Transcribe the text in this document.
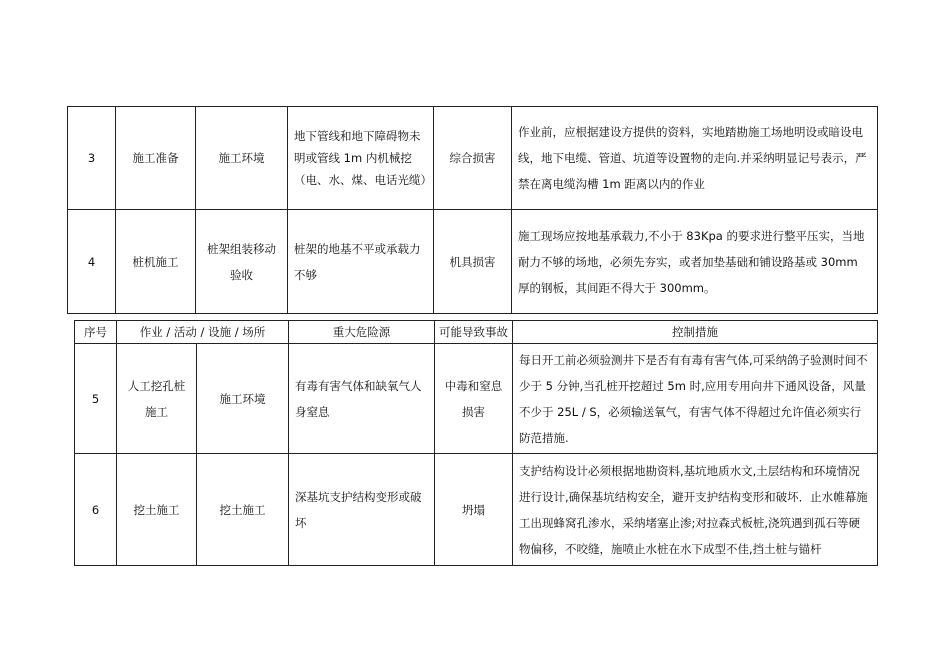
3	施工准备	施工环境	地下管线和地下障碍物未明或管线 1m 内机械挖（电、水、煤、电话光缆）	综合损害	作业前，应根据建设方提供的资料，实地踏勘施工场地明设或暗设电线，地下电缆、管道、坑道等设置物的走向.并采纳明显记号表示，严禁在离电缆沟槽 1m 距离以内的作业
4	桩机施工	桩架组装移动验收	桩架的地基不平或承载力不够	机具损害	施工现场应按地基承载力,不小于 83Kpa 的要求进行整平压实，当地耐力不够的场地，必须先夯实，或者加垫基础和铺设路基或 30mm 厚的钢板，其间距不得大于 300mm。
序号	作业 / 活动 / 设施 / 场所		重大危险源	可能导致事故	控制措施
5	人工挖孔桩施工	施工环境	有毒有害气体和缺氧气人身窒息	中毒和窒息损害	每日开工前必须验测井下是否有有毒有害气体,可采纳鸽子验测时间不少于 5 分钟,当孔桩开挖超过 5m 时,应用专用向井下通风设备，风量不少于 25L / S，必须输送氧气，有害气体不得超过允许值必须实行防范措施.
6	挖土施工	挖土施工	深基坑支护结构变形或破坏	坍塌	支护结构设计必须根据地勘资料,基坑地质水文,土层结构和环境情况进行设计,确保基坑结构安全，避开支护结构变形和破坏．止水帷幕施工出现蜂窝孔渗水，采纳堵塞止渗;对拉森式板桩,浇筑遇到孤石等硬物偏移，不咬缝，施喷止水桩在水下成型不佳,挡土桩与锚杆
